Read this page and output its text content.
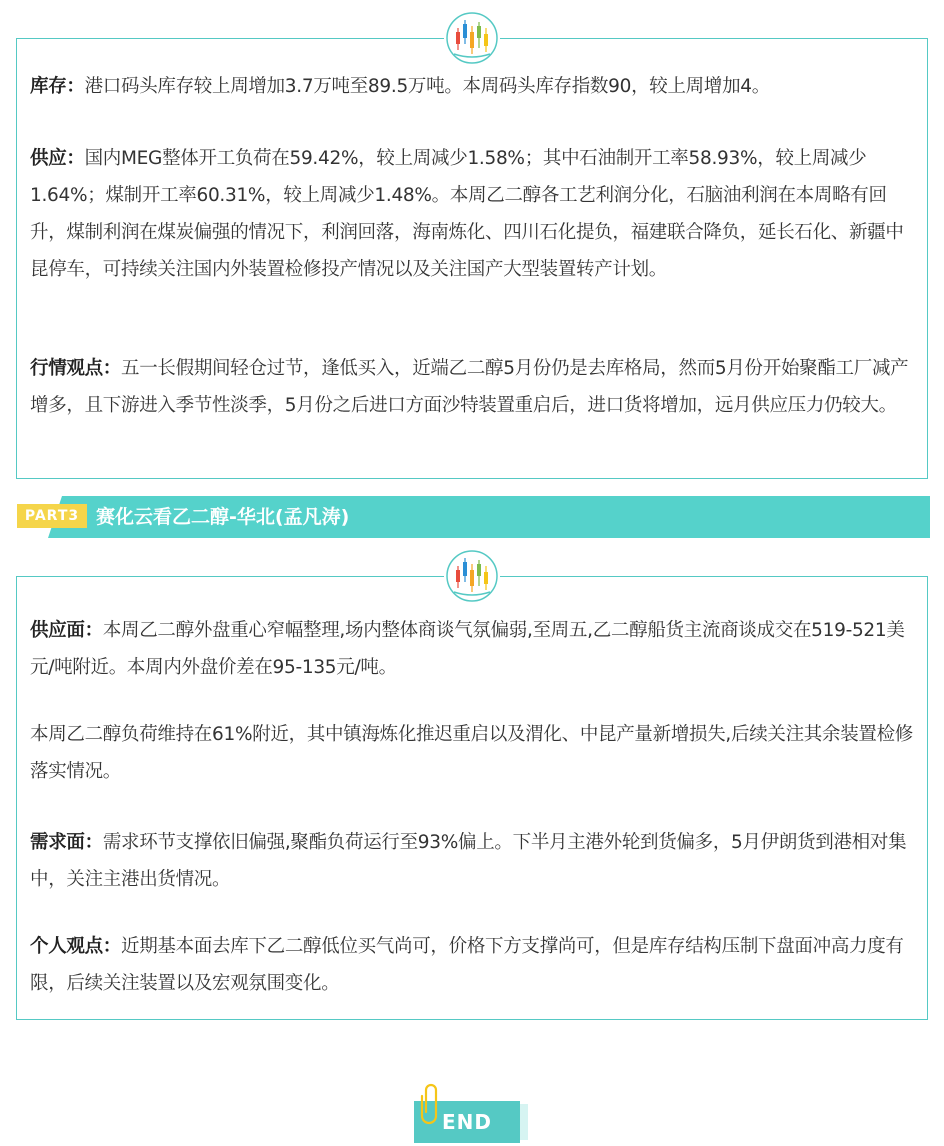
库存：港口码头库存较上周增加3.7万吨至89.5万吨。本周码头库存指数90，较上周增加4。

供应：国内MEG整体开工负荷在59.42%，较上周减少1.58%；其中石油制开工率58.93%，较上周减少1.64%；煤制开工率60.31%，较上周减少1.48%。本周乙二醇各工艺利润分化，石脑油利润在本周略有回升，煤制利润在煤炭偏强的情况下，利润回落，海南炼化、四川石化提负，福建联合降负，延长石化、新疆中昆停车，可持续关注国内外装置检修投产情况以及关注国产大型装置转产计划。

行情观点：五一长假期间轻仓过节，逢低买入，近端乙二醇5月份仍是去库格局，然而5月份开始聚酯工厂减产增多，且下游进入季节性淡季，5月份之后进口方面沙特装置重启后，进口货将增加，远月供应压力仍较大。

PART3 赛化云看乙二醇-华北(孟凡涛)

供应面：本周乙二醇外盘重心窄幅整理,场内整体商谈气氛偏弱,至周五,乙二醇船货主流商谈成交在519-521美元/吨附近。本周内外盘价差在95-135元/吨。

本周乙二醇负荷维持在61%附近，其中镇海炼化推迟重启以及渭化、中昆产量新增损失,后续关注其余装置检修落实情况。

需求面：需求环节支撑依旧偏强,聚酯负荷运行至93%偏上。下半月主港外轮到货偏多，5月伊朗货到港相对集中，关注主港出货情况。

个人观点：近期基本面去库下乙二醇低位买气尚可，价格下方支撑尚可，但是库存结构压制下盘面冲高力度有限，后续关注装置以及宏观氛围变化。

END
